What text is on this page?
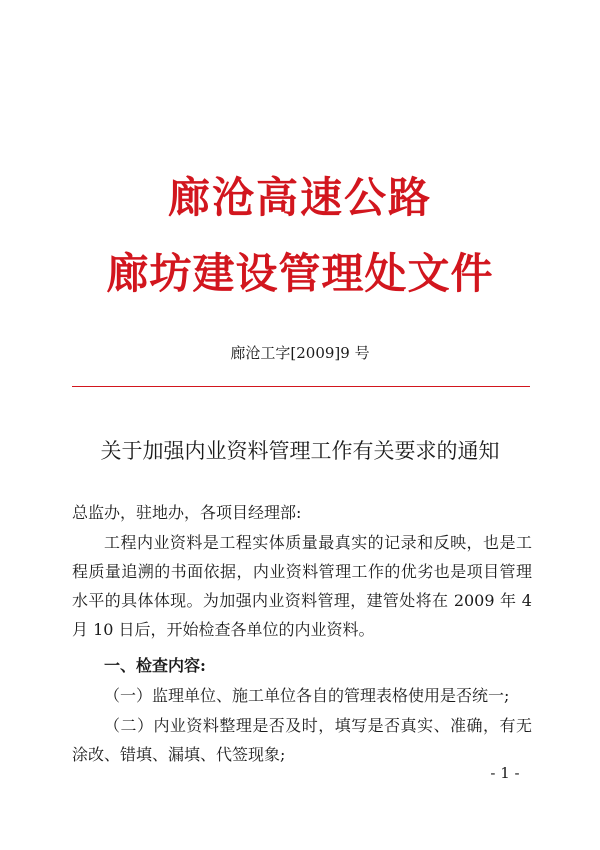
廊沧高速公路
廊坊建设管理处文件
廊沧工字[2009]9 号
关于加强内业资料管理工作有关要求的通知
总监办，驻地办，各项目经理部:
工程内业资料是工程实体质量最真实的记录和反映，也是工程质量追溯的书面依据，内业资料管理工作的优劣也是项目管理水平的具体体现。为加强内业资料管理，建管处将在 2009 年 4 月 10 日后，开始检查各单位的内业资料。
一、检查内容:
（一）监理单位、施工单位各自的管理表格使用是否统一;
（二）内业资料整理是否及时，填写是否真实、准确，有无涂改、错填、漏填、代签现象;
- 1 -
